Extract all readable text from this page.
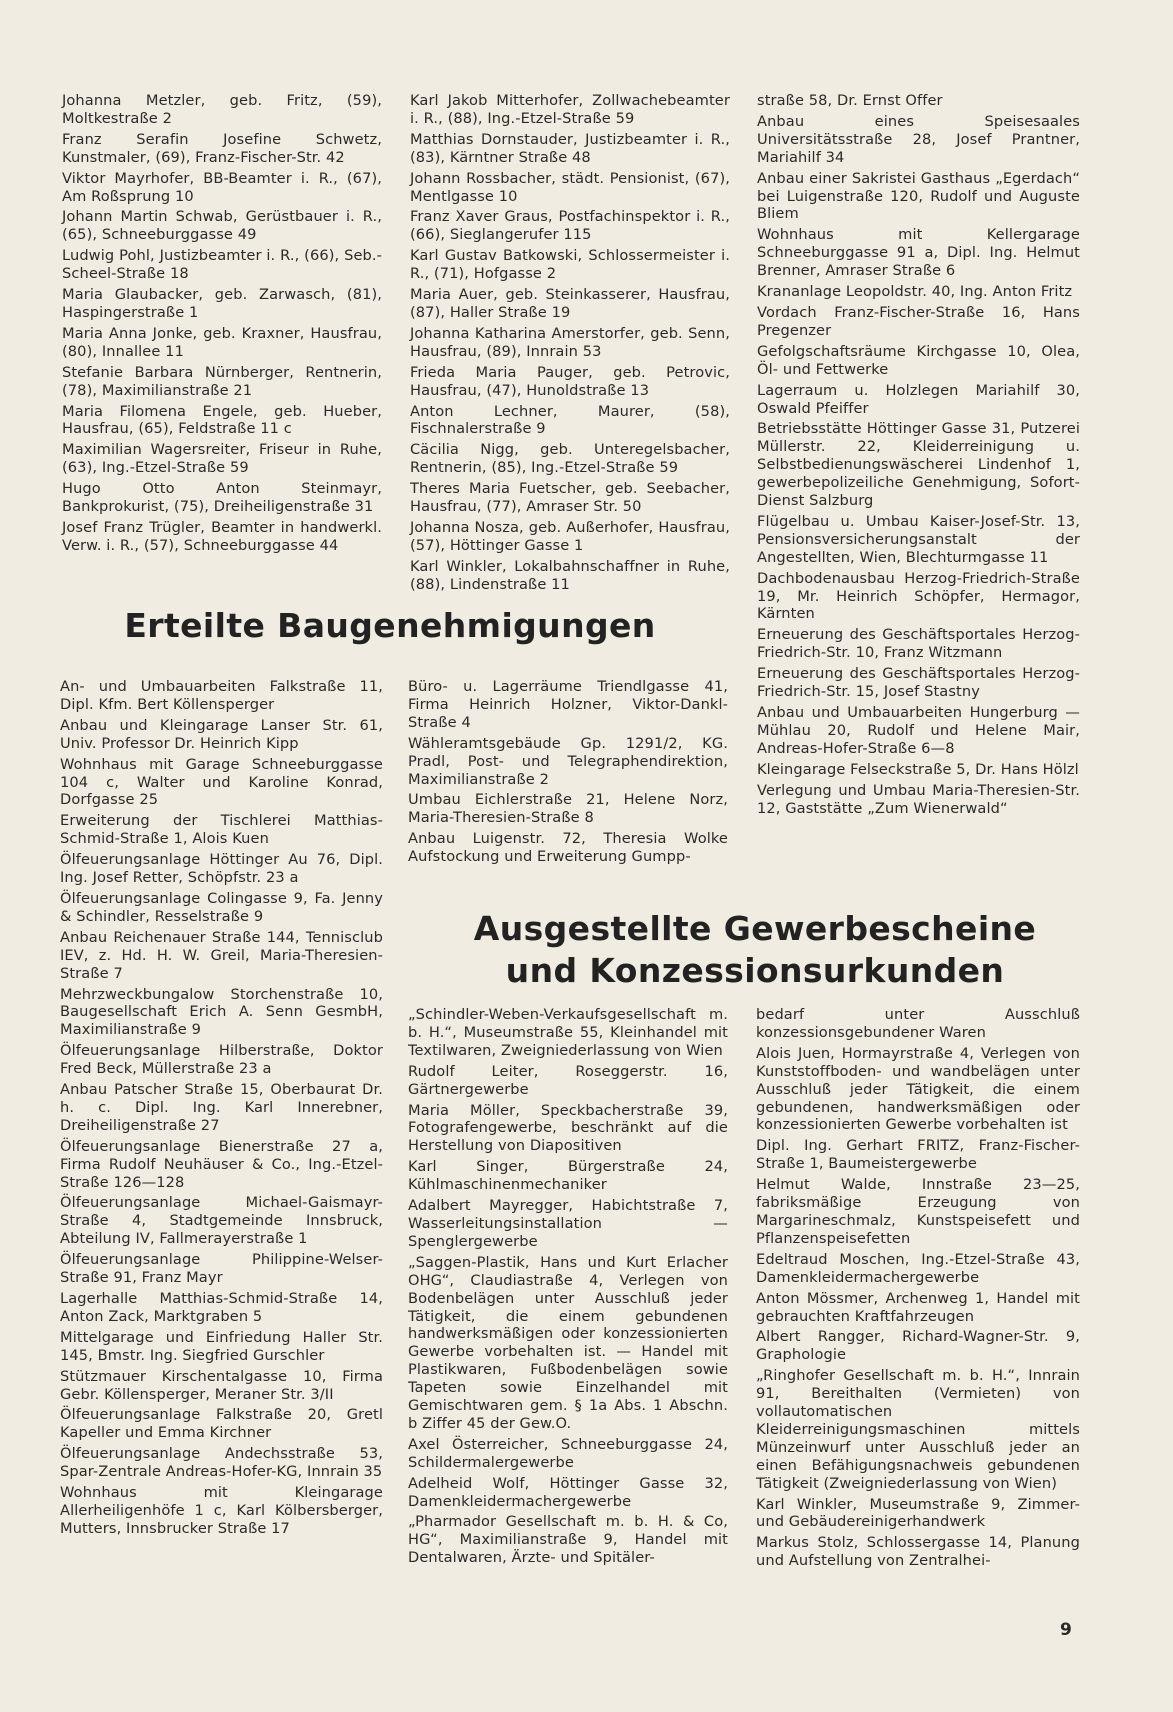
Johanna Metzler, geb. Fritz, (59), Moltkestraße 2

Franz Serafin Josefine Schwetz, Kunstmaler, (69), Franz-Fischer-Str. 42

Viktor Mayrhofer, BB-Beamter i. R., (67), Am Roßsprung 10

Johann Martin Schwab, Gerüstbauer i. R., (65), Schneeburggasse 49

Ludwig Pohl, Justizbeamter i. R., (66), Seb.-Scheel-Straße 18

Maria Glaubacker, geb. Zarwasch, (81), Haspingerstraße 1

Maria Anna Jonke, geb. Kraxner, Hausfrau, (80), Innallee 11

Stefanie Barbara Nürnberger, Rentnerin, (78), Maximilianstraße 21

Maria Filomena Engele, geb. Hueber, Hausfrau, (65), Feldstraße 11 c

Maximilian Wagersreiter, Friseur in Ruhe, (63), Ing.-Etzel-Straße 59

Hugo Otto Anton Steinmayr, Bankprokurist, (75), Dreiheiligenstraße 31

Josef Franz Trügler, Beamter in handwerkl. Verw. i. R., (57), Schneeburggasse 44

Karl Jakob Mitterhofer, Zollwachebeamter i. R., (88), Ing.-Etzel-Straße 59

Matthias Dornstauder, Justizbeamter i. R., (83), Kärntner Straße 48

Johann Rossbacher, städt. Pensionist, (67), Mentlgasse 10

Franz Xaver Graus, Postfachinspektor i. R., (66), Sieglangerufer 115

Karl Gustav Batkowski, Schlossermeister i. R., (71), Hofgasse 2

Maria Auer, geb. Steinkasserer, Hausfrau, (87), Haller Straße 19

Johanna Katharina Amerstorfer, geb. Senn, Hausfrau, (89), Innrain 53

Frieda Maria Pauger, geb. Petrovic, Hausfrau, (47), Hunoldstraße 13

Anton Lechner, Maurer, (58), Fischnalerstraße 9

Cäcilia Nigg, geb. Unteregelsbacher, Rentnerin, (85), Ing.-Etzel-Straße 59

Theres Maria Fuetscher, geb. Seebacher, Hausfrau, (77), Amraser Str. 50

Johanna Nosza, geb. Außerhofer, Hausfrau, (57), Höttinger Gasse 1

Karl Winkler, Lokalbahnschaffner in Ruhe, (88), Lindenstraße 11

straße 58, Dr. Ernst Offer

Anbau eines Speisesaales Universitätsstraße 28, Josef Prantner, Mariahilf 34

Anbau einer Sakristei Gasthaus „Egerdach“ bei Luigenstraße 120, Rudolf und Auguste Bliem

Wohnhaus mit Kellergarage Schneeburggasse 91 a, Dipl. Ing. Helmut Brenner, Amraser Straße 6

Krananlage Leopoldstr. 40, Ing. Anton Fritz

Vordach Franz-Fischer-Straße 16, Hans Pregenzer

Gefolgschaftsräume Kirchgasse 10, Olea, Öl- und Fettwerke

Lagerraum u. Holzlegen Mariahilf 30, Oswald Pfeiffer

Betriebsstätte Höttinger Gasse 31, Putzerei Müllerstr. 22, Kleiderreinigung u. Selbstbedienungswäscherei Lindenhof 1, gewerbepolizeiliche Genehmigung, Sofort-Dienst Salzburg

Flügelbau u. Umbau Kaiser-Josef-Str. 13, Pensionsversicherungsanstalt der Angestellten, Wien, Blechturmgasse 11

Dachbodenausbau Herzog-Friedrich-Straße 19, Mr. Heinrich Schöpfer, Hermagor, Kärnten

Erneuerung des Geschäftsportales Herzog-Friedrich-Str. 10, Franz Witzmann

Erneuerung des Geschäftsportales Herzog-Friedrich-Str. 15, Josef Stastny

Anbau und Umbauarbeiten Hungerburg — Mühlau 20, Rudolf und Helene Mair, Andreas-Hofer-Straße 6—8

Kleingarage Felseckstraße 5, Dr. Hans Hölzl

Verlegung und Umbau Maria-Theresien-Str. 12, Gaststätte „Zum Wienerwald“

Erteilte Baugenehmigungen

An- und Umbauarbeiten Falkstraße 11, Dipl. Kfm. Bert Köllensperger

Anbau und Kleingarage Lanser Str. 61, Univ. Professor Dr. Heinrich Kipp

Wohnhaus mit Garage Schneeburggasse 104 c, Walter und Karoline Konrad, Dorfgasse 25

Erweiterung der Tischlerei Matthias-Schmid-Straße 1, Alois Kuen

Ölfeuerungsanlage Höttinger Au 76, Dipl. Ing. Josef Retter, Schöpfstr. 23 a

Ölfeuerungsanlage Colingasse 9, Fa. Jenny & Schindler, Resselstraße 9

Anbau Reichenauer Straße 144, Tennisclub IEV, z. Hd. H. W. Greil, Maria-Theresien-Straße 7

Mehrzweckbungalow Storchenstraße 10, Baugesellschaft Erich A. Senn GesmbH, Maximilianstraße 9

Ölfeuerungsanlage Hilberstraße, Doktor Fred Beck, Müllerstraße 23 a

Anbau Patscher Straße 15, Oberbaurat Dr. h. c. Dipl. Ing. Karl Innerebner, Dreiheiligenstraße 27

Ölfeuerungsanlage Bienerstraße 27 a, Firma Rudolf Neuhäuser & Co., Ing.-Etzel-Straße 126—128

Ölfeuerungsanlage Michael-Gaismayr-Straße 4, Stadtgemeinde Innsbruck, Abteilung IV, Fallmerayerstraße 1

Ölfeuerungsanlage Philippine-Welser-Straße 91, Franz Mayr

Lagerhalle Matthias-Schmid-Straße 14, Anton Zack, Marktgraben 5

Mittelgarage und Einfriedung Haller Str. 145, Bmstr. Ing. Siegfried Gurschler

Stützmauer Kirschentalgasse 10, Firma Gebr. Köllensperger, Meraner Str. 3/II

Ölfeuerungsanlage Falkstraße 20, Gretl Kapeller und Emma Kirchner

Ölfeuerungsanlage Andechsstraße 53, Spar-Zentrale Andreas-Hofer-KG, Innrain 35

Wohnhaus mit Kleingarage Allerheiligenhöfe 1 c, Karl Kölbersberger, Mutters, Innsbrucker Straße 17

Büro- u. Lagerräume Triendlgasse 41, Firma Heinrich Holzner, Viktor-Dankl-Straße 4

Wähleramtsgebäude Gp. 1291/2, KG. Pradl, Post- und Telegraphendirektion, Maximilianstraße 2

Umbau Eichlerstraße 21, Helene Norz, Maria-Theresien-Straße 8

Anbau Luigenstr. 72, Theresia Wolke Aufstockung und Erweiterung Gumpp-

Ausgestellte Gewerbescheine
und Konzessionsurkunden

„Schindler-Weben-Verkaufsgesellschaft m. b. H.“, Museumstraße 55, Kleinhandel mit Textilwaren, Zweigniederlassung von Wien

Rudolf Leiter, Roseggerstr. 16, Gärtnergewerbe

Maria Möller, Speckbacherstraße 39, Fotografengewerbe, beschränkt auf die Herstellung von Diapositiven

Karl Singer, Bürgerstraße 24, Kühlmaschinenmechaniker

Adalbert Mayregger, Habichtstraße 7, Wasserleitungsinstallation — Spenglergewerbe

„Saggen-Plastik, Hans und Kurt Erlacher OHG“, Claudiastraße 4, Verlegen von Bodenbelägen unter Ausschluß jeder Tätigkeit, die einem gebundenen handwerksmäßigen oder konzessionierten Gewerbe vorbehalten ist. — Handel mit Plastikwaren, Fußbodenbelägen sowie Tapeten sowie Einzelhandel mit Gemischtwaren gem. § 1a Abs. 1 Abschn. b Ziffer 45 der Gew.O.

Axel Österreicher, Schneeburggasse 24, Schildermalergewerbe

Adelheid Wolf, Höttinger Gasse 32, Damenkleidermachergewerbe

„Pharmador Gesellschaft m. b. H. & Co, HG“, Maximilianstraße 9, Handel mit Dentalwaren, Ärzte- und Spitäler-

bedarf unter Ausschluß konzessionsgebundener Waren

Alois Juen, Hormayrstraße 4, Verlegen von Kunststoffboden- und wandbelägen unter Ausschluß jeder Tätigkeit, die einem gebundenen, handwerksmäßigen oder konzessionierten Gewerbe vorbehalten ist

Dipl. Ing. Gerhart FRITZ, Franz-Fischer-Straße 1, Baumeistergewerbe

Helmut Walde, Innstraße 23—25, fabriksmäßige Erzeugung von Margarineschmalz, Kunstspeisefett und Pflanzenspeisefetten

Edeltraud Moschen, Ing.-Etzel-Straße 43, Damenkleidermachergewerbe

Anton Mössmer, Archenweg 1, Handel mit gebrauchten Kraftfahrzeugen

Albert Rangger, Richard-Wagner-Str. 9, Graphologie

„Ringhofer Gesellschaft m. b. H.“, Innrain 91, Bereithalten (Vermieten) von vollautomatischen Kleiderreinigungsmaschinen mittels Münzeinwurf unter Ausschluß jeder an einen Befähigungsnachweis gebundenen Tätigkeit (Zweigniederlassung von Wien)

Karl Winkler, Museumstraße 9, Zimmer- und Gebäudereinigerhandwerk

Markus Stolz, Schlossergasse 14, Planung und Aufstellung von Zentralhei-

9
